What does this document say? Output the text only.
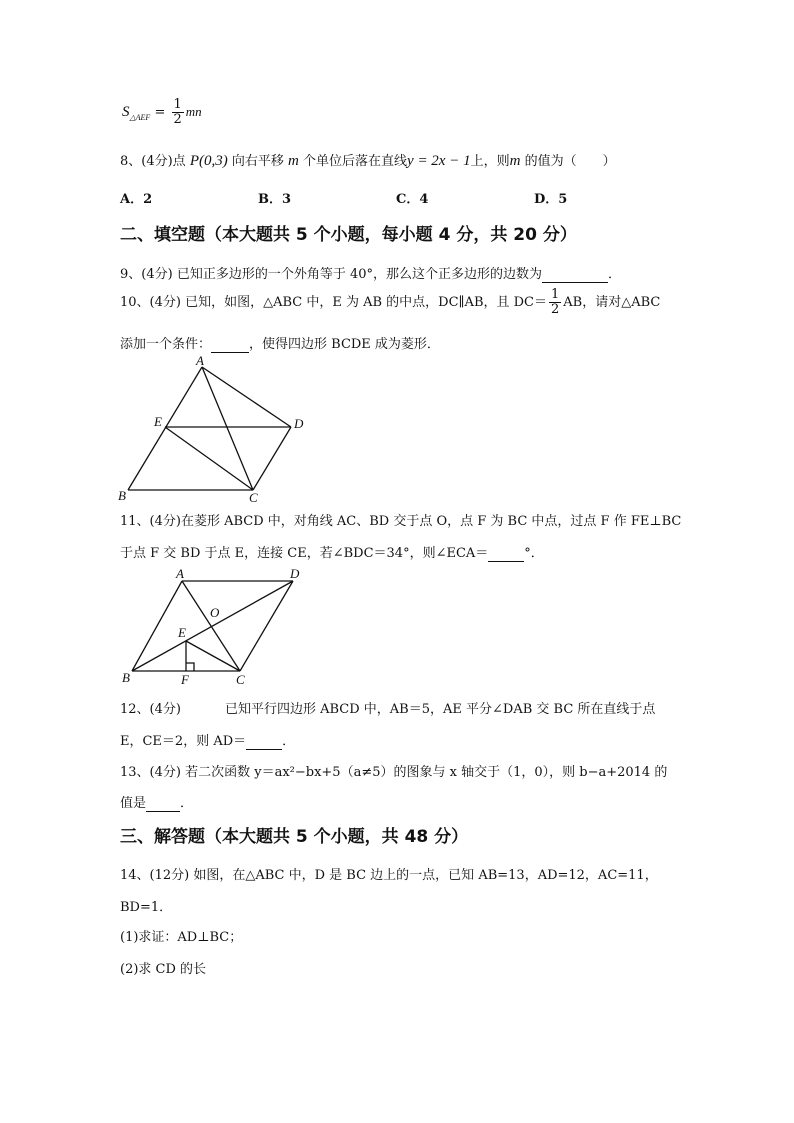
$S_{\triangle AEF} = \frac{1}{2}$ mn
8、(4分)点 P(0,3) 向右平移 m 个单位后落在直线y = 2x − 1上，则m 的值为（　　）
A．2	B．3	C．4	D．5
二、填空题（本大题共 5 个小题，每小题 4 分，共 20 分）
9、(4分) 已知正多边形的一个外角等于 40°，那么这个正多边形的边数为	．
10、(4分) 已知，如图，△ABC 中，E 为 AB 的中点，DC∥AB，且 $DC= \frac{1}{2}$ AB，请对△ABC
添加一个条件：	，使得四边形 BCDE 成为菱形．
A
E	D
B	C
11、(4分)在菱形 ABCD 中，对角线 AC、BD 交于点 O，点 F 为 BC 中点，过点 F 作 FE⊥BC
于点 F 交 BD 于点 E，连接 CE，若∠BDC＝34°，则∠ECA＝	°．
A	D
O
E
B	F	C
12、(4分)	已知平行四边形 ABCD 中，AB＝5，AE 平分∠DAB 交 BC 所在直线于点
E，CE＝2，则 AD＝	．
13、(4分) 若二次函数 y＝ax²−bx+5（a≠5）的图象与 x 轴交于（1，0），则 b−a+2014 的
值是	．
三、解答题（本大题共 5 个小题，共 48 分）
14、(12分) 如图，在△ABC 中，D 是 BC 边上的一点，已知 AB=13，AD=12，AC=11，
BD=1．
(1)求证：AD⊥BC；
(2)求 CD 的长
